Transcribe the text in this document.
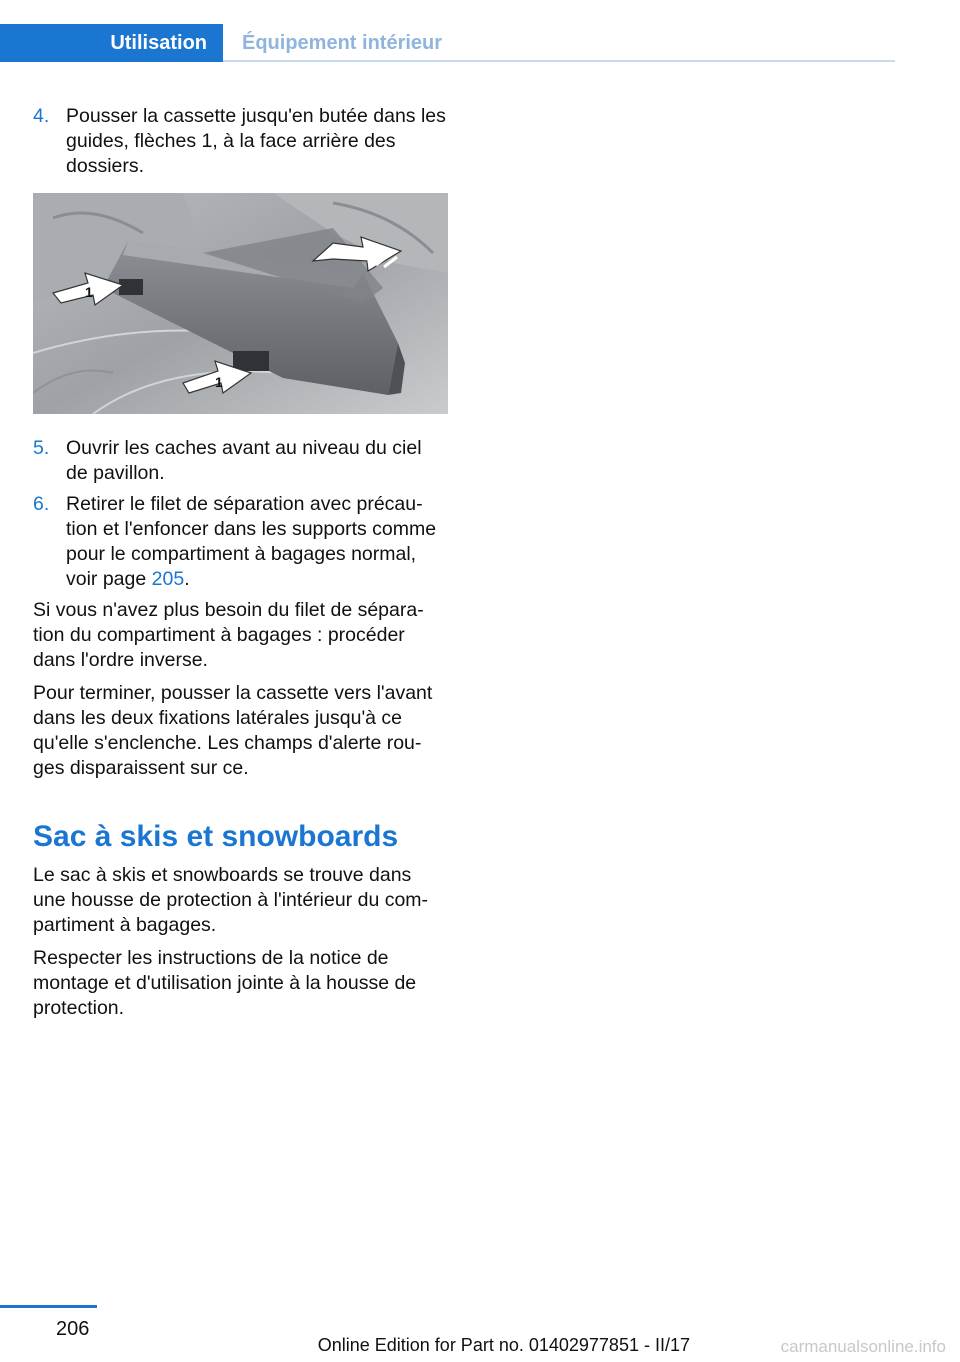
Utilisation	Équipement intérieur
4. Pousser la cassette jusqu'en butée dans les guides, flèches 1, à la face arrière des dossiers.
1
1
5. Ouvrir les caches avant au niveau du ciel de pavillon.
6. Retirer le filet de séparation avec précau‐tion et l'enfoncer dans les supports comme pour le compartiment à bagages normal, voir page 205.

Si vous n'avez plus besoin du filet de sépara‐tion du compartiment à bagages : procéder dans l'ordre inverse.

Pour terminer, pousser la cassette vers l'avant dans les deux fixations latérales jusqu'à ce qu'elle s'enclenche. Les champs d'alerte rou‐ges disparaissent sur ce.

Sac à skis et snowboards

Le sac à skis et snowboards se trouve dans une housse de protection à l'intérieur du com‐partiment à bagages.

Respecter les instructions de la notice de montage et d'utilisation jointe à la housse de protection.

206
Online Edition for Part no. 01402977851 - II/17	carmanualsonline.info
